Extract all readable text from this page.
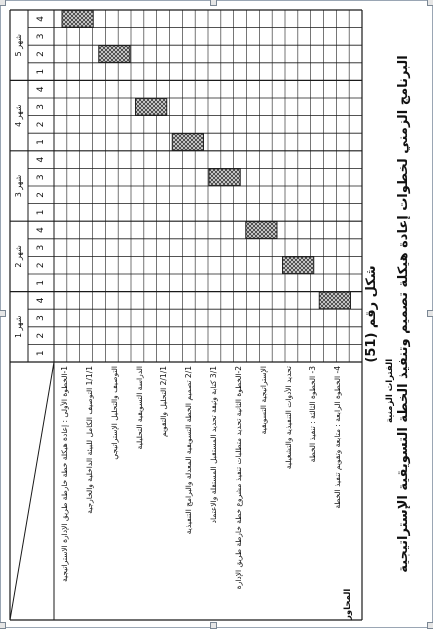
البرنامج الزمني لخطوات إعادة هيكلة تصميم وتنفيذ الخطة التسويقية الإستراتيجية
شكل رقم (51)
المحاور
الفترات الزمنية
شهر 1
شهر 2
شهر 3
شهر 4
شهر 5
1
2
3
4
1
2
3
4
1
2
3
4
1
2
3
4
1
2
3
4
1-الخطوة الأولى : إعادة هيكلة خطة خارطة طريق الإدارة الاستراتيجية
1/1/1 التوصيف الكامل للبيئة الداخلية والخارجية التوصيف والتحليل الإستراتيجي الدراسة التسويقية التحليلية 2/1/1 التحليل والتقويم
2/1 تصميم الخطة التسويقية المعدلة والبرامج التنفيذية
3/1 كتابة وثيقة تحديد المستقبل المستقلة والاعتماد 2-الخطوة الثانية تحديد متطلبات تنفيذ مشروع خطة خارطة طريق الإدارة الإستراتيجية التسويقية تحديد الأدوات التنفيذية والتشغيلية 3- الخطوة الثالثة : تنفيذ الخطة
4- الخطوة الرابعة : متابعة وتقويم تنفيذ الخطة
